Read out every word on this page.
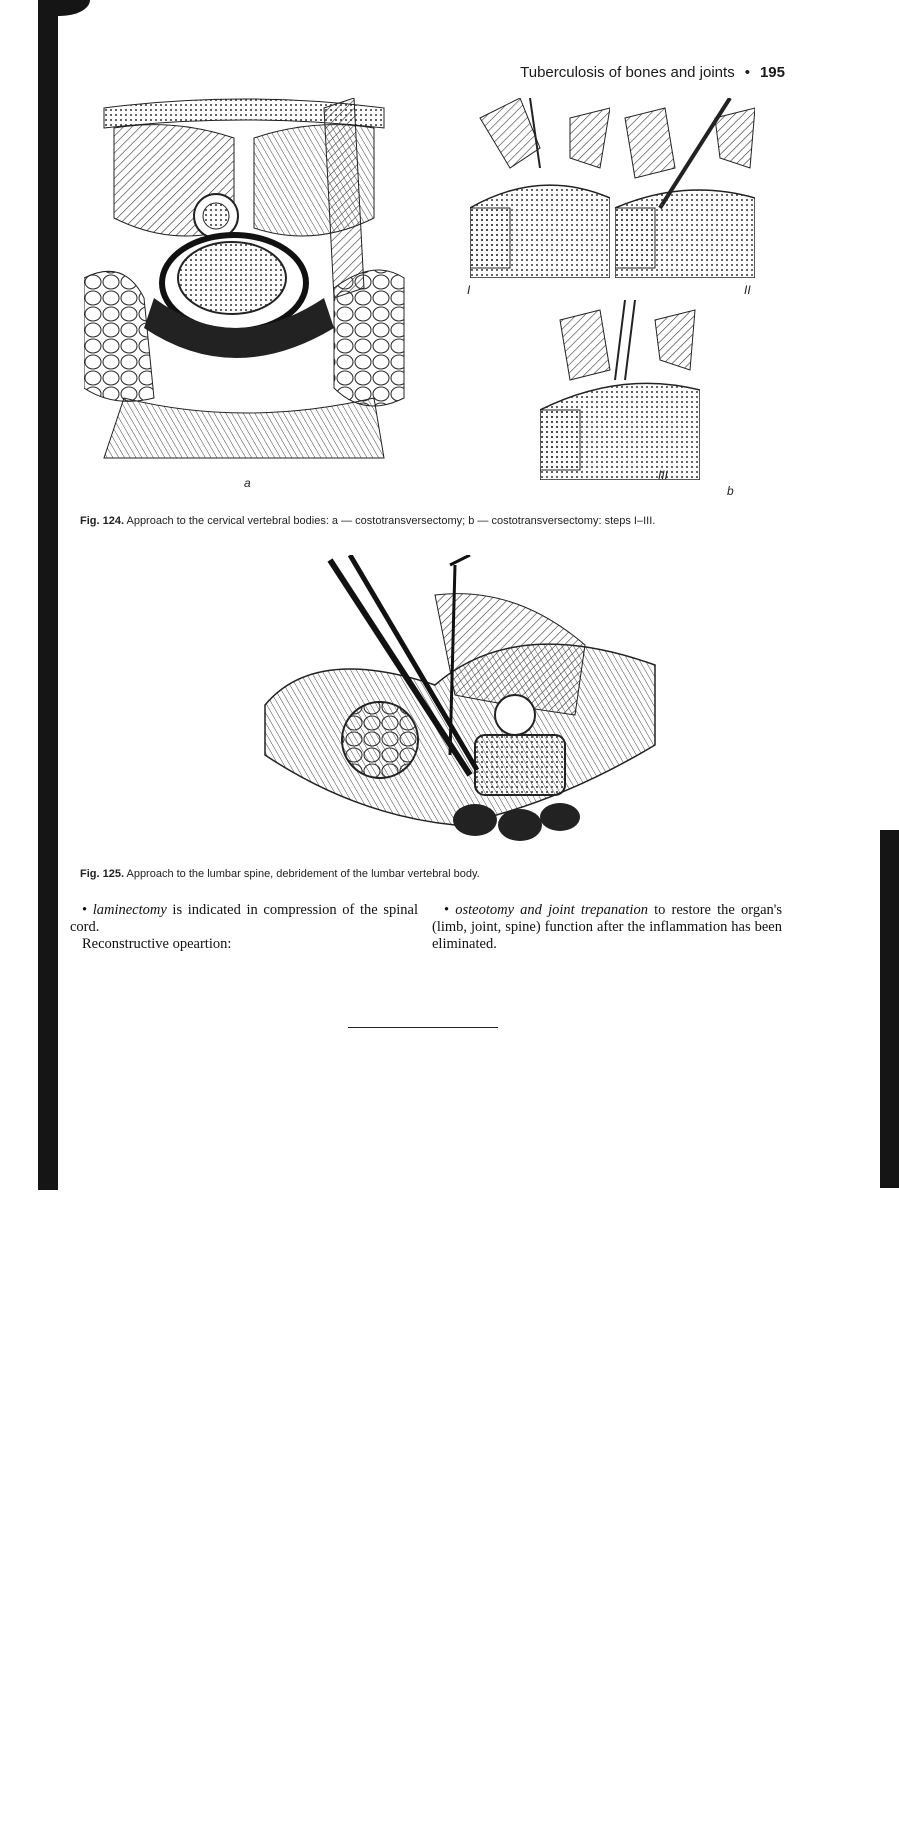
Tuberculosis of bones and joints • 195
a
I	II
III
b
Fig. 124. Approach to the cervical vertebral bodies: a — costotransversectomy; b — costotransversectomy: steps I–III.
Fig. 125. Approach to the lumbar spine, debridement of the lumbar vertebral body.

• laminectomy is indicated in compression of the spinal cord.

Reconstructive opeartion:

• osteotomy and joint trepanation to restore the organ's (limb, joint, spine) function after the inflammation has been eliminated.
